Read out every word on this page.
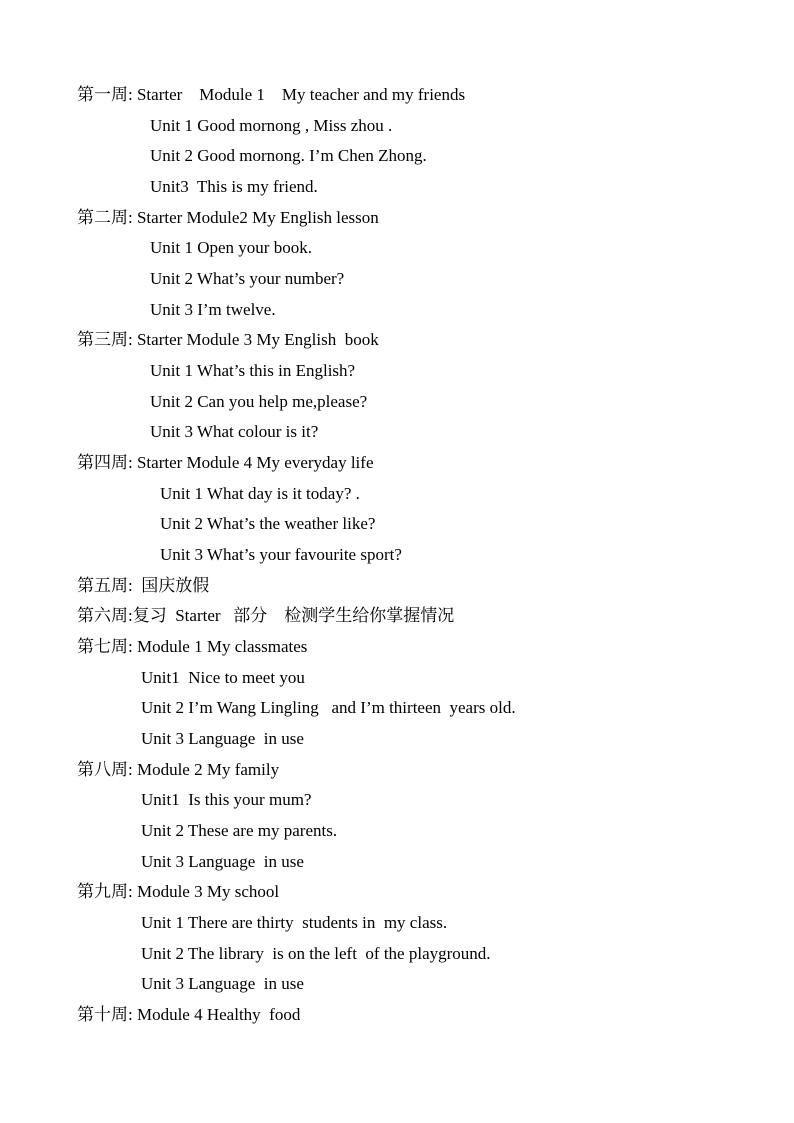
第一周: Starter    Module 1    My teacher and my friends
Unit 1 Good mornong , Miss zhou .
Unit 2 Good mornong. I’m Chen Zhong.
Unit3  This is my friend.
第二周: Starter Module2 My English lesson
Unit 1 Open your book.
Unit 2 What’s your number?
Unit 3 I’m twelve.
第三周: Starter Module 3 My English  book
Unit 1 What’s this in English?
Unit 2 Can you help me,please?
Unit 3 What colour is it?
第四周: Starter Module 4 My everyday life
Unit 1 What day is it today? .
Unit 2 What’s the weather like?
Unit 3 What’s your favourite sport?
第五周:  国庆放假
第六周:复习  Starter   部分    检测学生给你掌握情况
第七周: Module 1 My classmates
Unit1  Nice to meet you
Unit 2 I’m Wang Lingling   and I’m thirteen  years old.
Unit 3 Language  in use
第八周: Module 2 My family
Unit1  Is this your mum?
Unit 2 These are my parents.
Unit 3 Language  in use
第九周: Module 3 My school
Unit 1 There are thirty  students in  my class.
Unit 2 The library  is on the left  of the playground.
Unit 3 Language  in use
第十周: Module 4 Healthy  food
